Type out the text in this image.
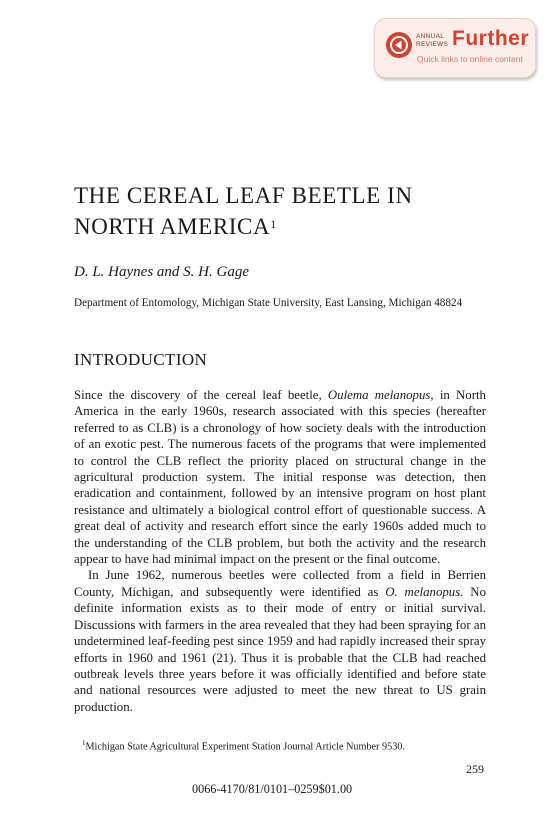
ANNUAL
REVIEWS Further
Quick links to online content
THE CEREAL LEAF BEETLE IN
NORTH AMERICA$^1$

D. L. Haynes and S. H. Gage

Department of Entomology, Michigan State University, East Lansing, Michigan 48824

INTRODUCTION

Since the discovery of the cereal leaf beetle, Oulema melanopus, in North America in the early 1960s, research associated with this species (hereafter referred to as CLB) is a chronology of how society deals with the introduction of an exotic pest. The numerous facets of the programs that were implemented to control the CLB reflect the priority placed on structural change in the agricultural production system. The initial response was detection, then eradication and containment, followed by an intensive program on host plant resistance and ultimately a biological control effort of questionable success. A great deal of activity and research effort since the early 1960s added much to the understanding of the CLB problem, but both the activity and the research appear to have had minimal impact on the present or the final outcome.

In June 1962, numerous beetles were collected from a field in Berrien County, Michigan, and subsequently were identified as O. melanopus. No definite information exists as to their mode of entry or initial survival. Discussions with farmers in the area revealed that they had been spraying for an undetermined leaf-feeding pest since 1959 and had rapidly increased their spray efforts in 1960 and 1961 (21). Thus it is probable that the CLB had reached outbreak levels three years before it was officially identified and before state and national resources were adjusted to meet the new threat to US grain production.

$^1$Michigan State Agricultural Experiment Station Journal Article Number 9530.

259

0066-4170/81/0101–0259$01.00
